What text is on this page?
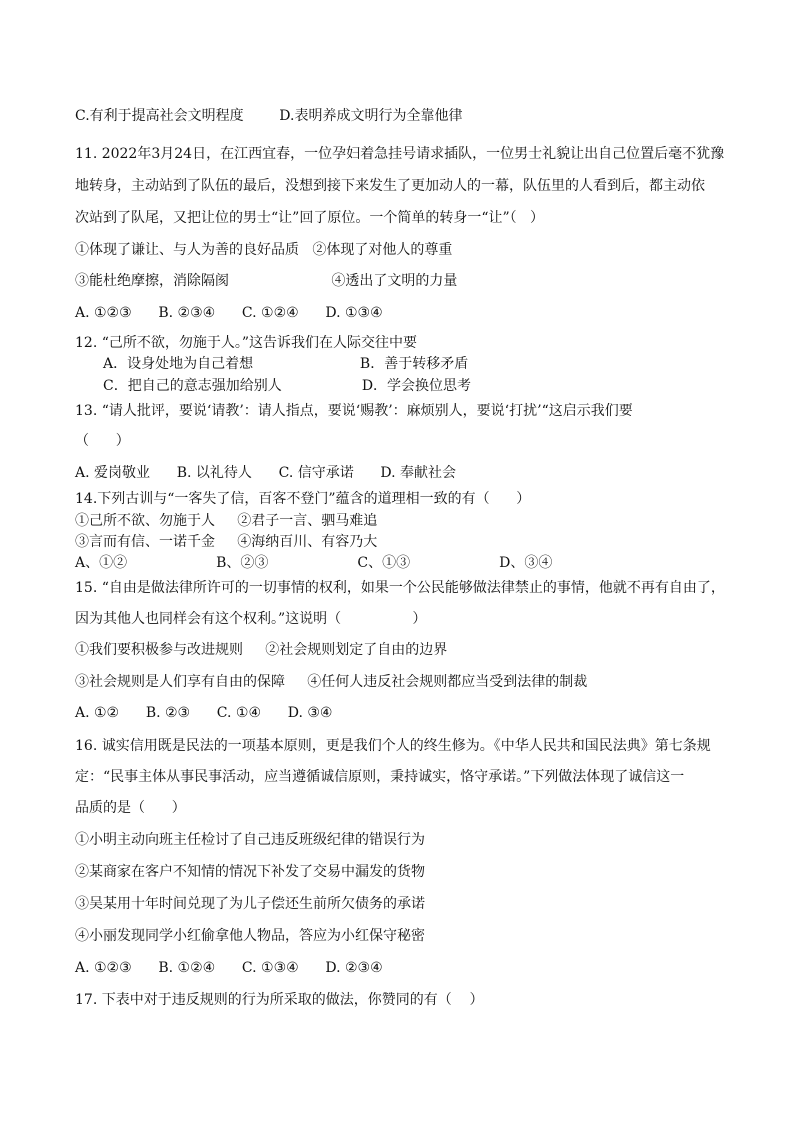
C.有利于提高社会文明程度        D.表明养成文明行为全靠他律
11. 2022年3月24日，在江西宜春，一位孕妇着急挂号请求插队，一位男士礼貌让出自己位置后毫不犹豫
地转身，主动站到了队伍的最后，没想到接下来发生了更加动人的一幕，队伍里的人看到后，都主动依
次站到了队尾，又把让位的男士“让”回了原位。一个简单的转身一“让”（   ）
①体现了谦让、与人为善的良好品质   ②体现了对他人的尊重
③能杜绝摩擦，消除隔阂                       ④透出了文明的力量
A. ①②③      B. ②③④      C. ①②④      D. ①③④
12. “己所不欲，勿施于人。”这告诉我们在人际交往中要
A．设身处地为自己着想                        B．善于转移矛盾
C．把自己的意志强加给别人                  D．学会换位思考
13. “请人批评，要说‘请教’：请人指点，要说‘赐教’：麻烦别人，要说‘打扰’“这启示我们要
（      ）
A. 爱岗敬业      B. 以礼待人      C. 信守承诺      D. 奉献社会
14.下列古训与“一客失了信，百客不登门”蕴含的道理相一致的有（      ）
①己所不欲、勿施于人     ②君子一言、驷马难追
③言而有信、一诺千金     ④海纳百川、有容乃大
A、①②                    B、②③                    C、①③                    D、③④
15. “自由是做法律所许可的一切事情的权利，如果一个公民能够做法律禁止的事情，他就不再有自由了，
因为其他人也同样会有这个权利。”这说明（                ）
①我们要积极参与改进规则     ②社会规则划定了自由的边界
③社会规则是人们享有自由的保障     ④任何人违反社会规则都应当受到法律的制裁
A. ①②      B. ②③      C. ①④      D. ③④
16. 诚实信用既是民法的一项基本原则，更是我们个人的终生修为。《中华人民共和国民法典》第七条规
定：“民事主体从事民事活动，应当遵循诚信原则，秉持诚实，恪守承诺。”下列做法体现了诚信这一
品质的是（      ）
①小明主动向班主任检讨了自己违反班级纪律的错误行为
②某商家在客户不知情的情况下补发了交易中漏发的货物
③吴某用十年时间兑现了为儿子偿还生前所欠债务的承诺
④小丽发现同学小红偷拿他人物品，答应为小红保守秘密
A. ①②③      B. ①②④      C. ①③④      D. ②③④
17. 下表中对于违反规则的行为所采取的做法，你赞同的有（    ）
